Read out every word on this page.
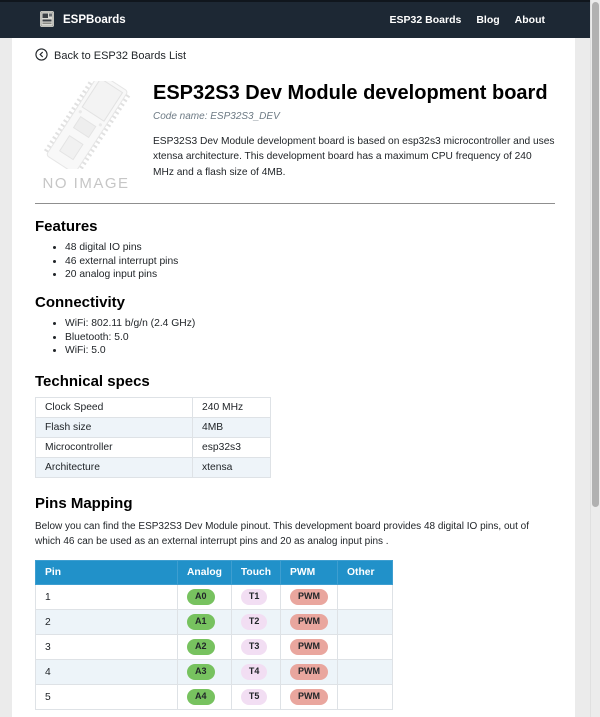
ESPBoards	ESP32 Boards Blog About
Back to ESP32 Boards List
NO IMAGE
ESP32S3 Dev Module development board

Code name: ESP32S3_DEV

ESP32S3 Dev Module development board is based on esp32s3 microcontroller and uses xtensa architecture. This development board has a maximum CPU frequency of 240 MHz and a flash size of 4MB.

Features
• 48 digital IO pins
• 46 external interrupt pins
• 20 analog input pins
Connectivity
• WiFi: 802.11 b/g/n (2.4 GHz)
• Bluetooth: 5.0
• WiFi: 5.0
Technical specs
Clock Speed	240 MHz
Flash size	4MB
Microcontroller	esp32s3
Architecture	xtensa
Pins Mapping

Below you can find the ESP32S3 Dev Module pinout. This development board provides 48 digital IO pins, out of which 46 can be used as an external interrupt pins and 20 as analog input pins .

Pin	Analog	Touch	PWM	Other
1	A0	T1	PWM	
2	A1	T2	PWM	
3	A2	T3	PWM	
4	A3	T4	PWM	
5	A4	T5	PWM	
